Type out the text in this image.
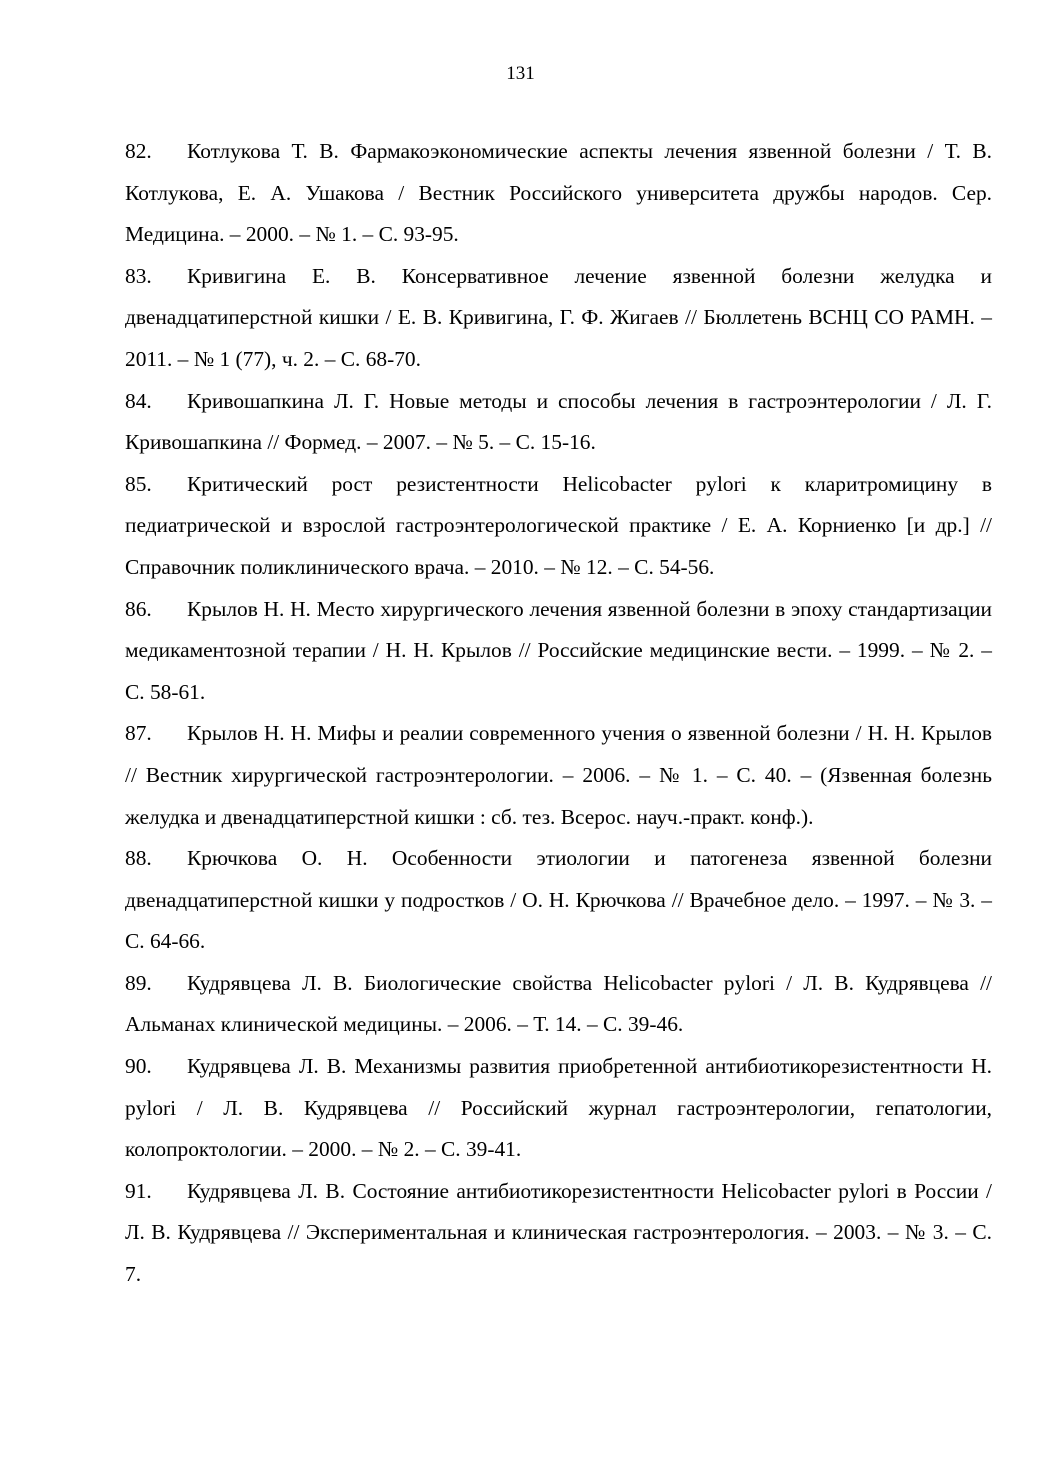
131

82. Котлукова Т. В. Фармакоэкономические аспекты лечения язвенной болезни / Т. В. Котлукова, Е. А. Ушакова / Вестник Российского университета дружбы народов. Сер. Медицина. – 2000. – № 1. – С. 93-95.

83. Кривигина Е. В. Консервативное лечение язвенной болезни желудка и двенадцатиперстной кишки / Е. В. Кривигина, Г. Ф. Жигаев // Бюллетень ВСНЦ СО РАМН. – 2011. – № 1 (77), ч. 2. – С. 68-70.

84. Кривошапкина Л. Г. Новые методы и способы лечения в гастроэнтерологии / Л. Г. Кривошапкина // Формед. – 2007. – № 5. – С. 15-16.

85. Критический рост резистентности Helicobacter pylori к кларитромицину в педиатрической и взрослой гастроэнтерологической практике / Е. А. Корниенко [и др.] // Справочник поликлинического врача. – 2010. – № 12. – С. 54-56.

86. Крылов Н. Н. Место хирургического лечения язвенной болезни в эпоху стандартизации медикаментозной терапии / Н. Н. Крылов // Российские медицинские вести. – 1999. – № 2. – С. 58-61.

87. Крылов Н. Н. Мифы и реалии современного учения о язвенной болезни / Н. Н. Крылов // Вестник хирургической гастроэнтерологии. – 2006. – № 1. – С. 40. – (Язвенная болезнь желудка и двенадцатиперстной кишки : сб. тез. Всерос. науч.-практ. конф.).

88. Крючкова О. Н. Особенности этиологии и патогенеза язвенной болезни двенадцатиперстной кишки у подростков / О. Н. Крючкова // Врачебное дело. – 1997. – № 3. – С. 64-66.

89. Кудрявцева Л. В. Биологические свойства Helicobacter pylori / Л. В. Кудрявцева // Альманах клинической медицины. – 2006. – Т. 14. – С. 39-46.

90. Кудрявцева Л. В. Механизмы развития приобретенной антибиотикорезистентности H. pylori / Л. В. Кудрявцева // Российский журнал гастроэнтерологии, гепатологии, колопроктологии. – 2000. – № 2. – С. 39-41.

91. Кудрявцева Л. В. Состояние антибиотикорезистентности Helicobacter pylori в России / Л. В. Кудрявцева // Экспериментальная и клиническая гастроэнтерология. – 2003. – № 3. – С. 7.
